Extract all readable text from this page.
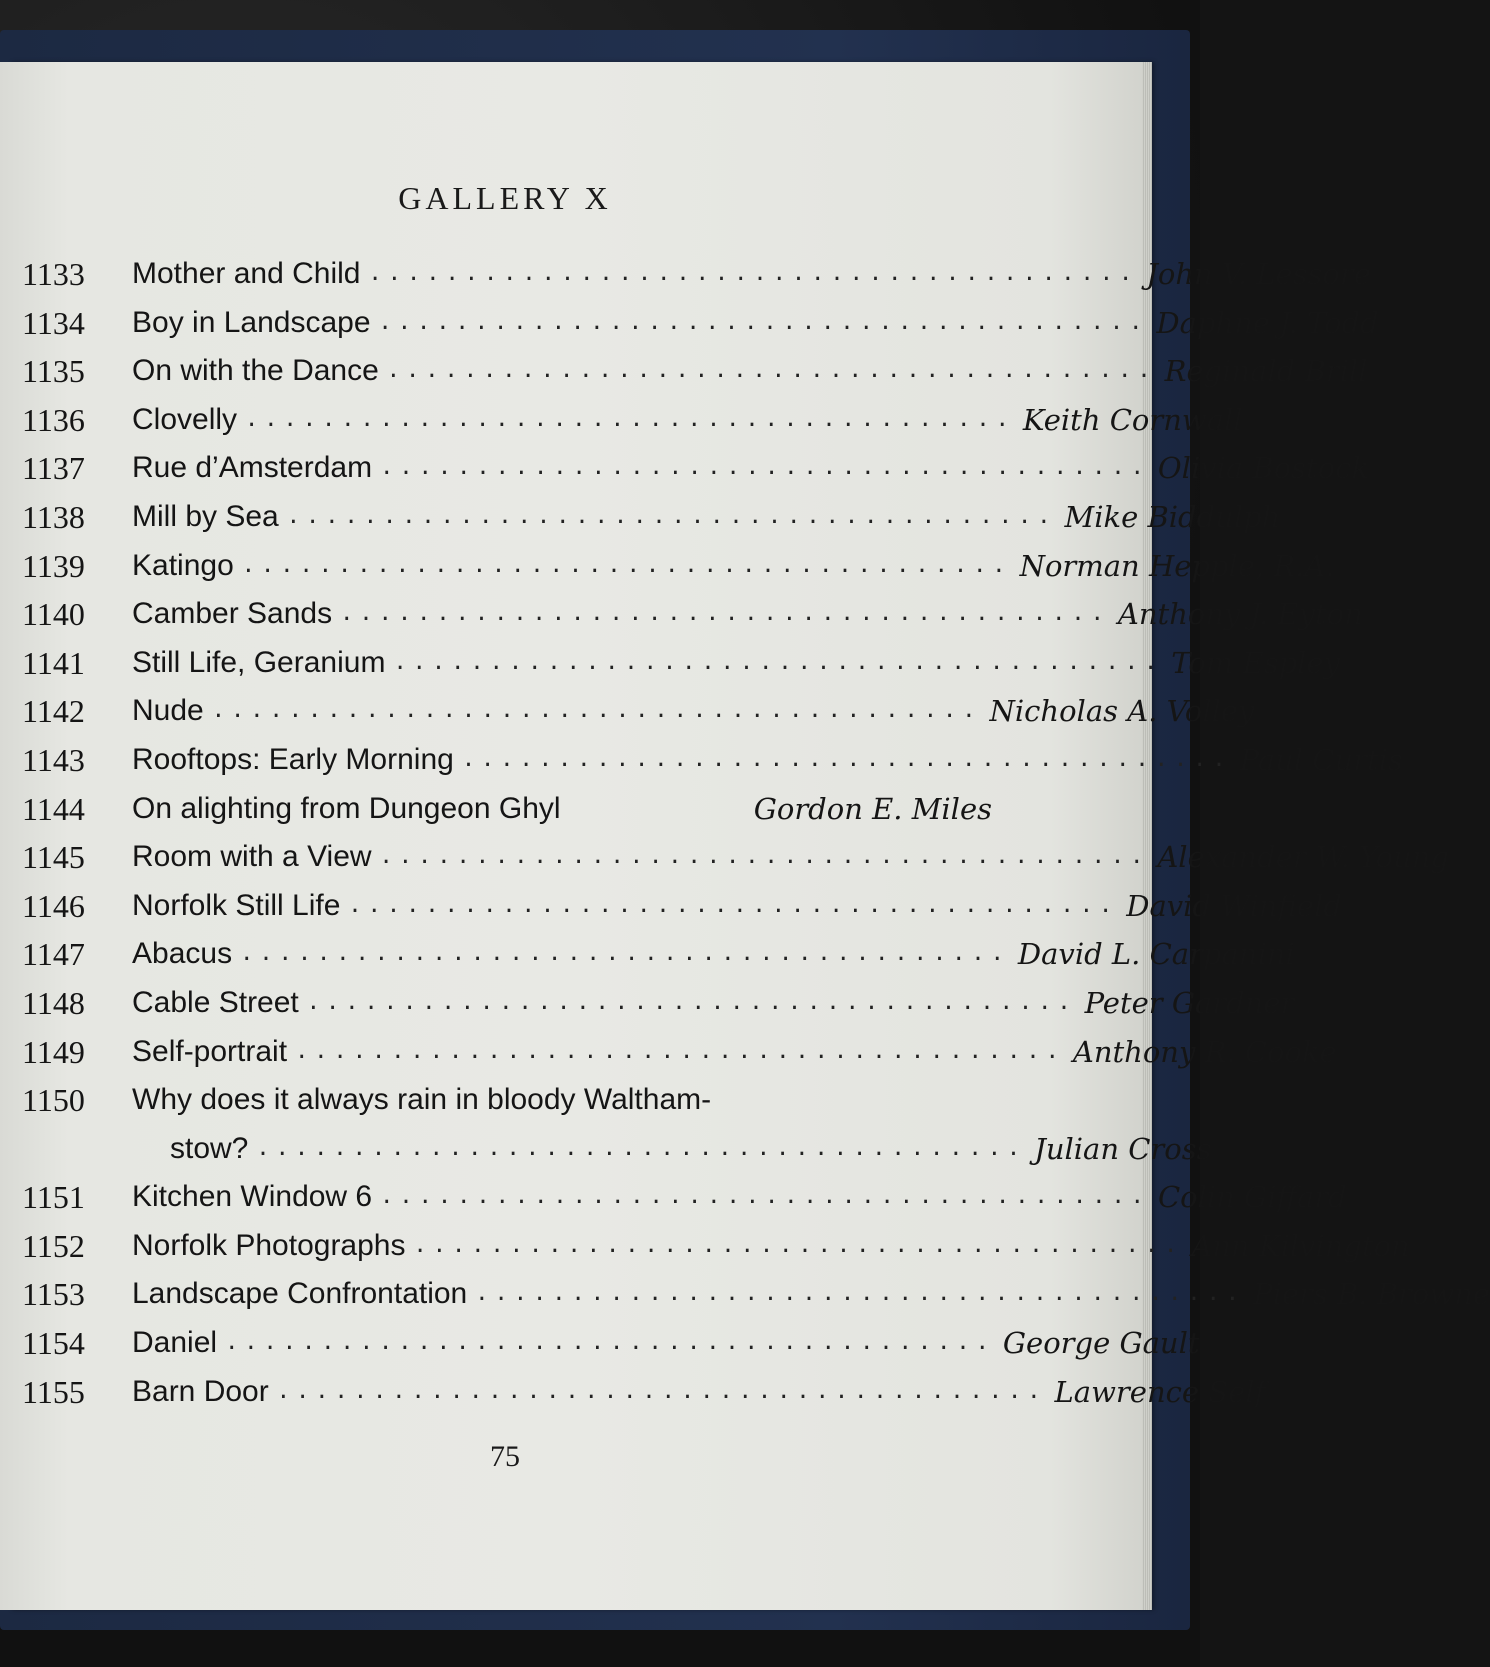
GALLERY X
1133	Mother and Child ........................................ John V. Lessore
1134	Boy in Landscape ........................................ Daphne J. Todd
1135	On with the Dance ........................................ Reginald Brill
1136	Clovelly ........................................ Keith Cornwall
1137	Rue d’Amsterdam ........................................ Olivia Bostock
1138	Mill by Sea ........................................ Mike Biddulph
1139	Katingo ........................................ Norman Hepple, R.A.
1140	Camber Sands ........................................ Anthony J. Eyton
1141	Still Life, Geranium ........................................ Tom Espley
1142	Nude ........................................ Nicholas A. Volley
1143	Rooftops: Early Morning ........................................ Paul Curtis
1144	On alighting from Dungeon Ghyl	Gordon E. Miles
1145	Room with a View ........................................ Alexander W. Young
1146	Norfolk Still Life ........................................ David Winfield
1147	Abacus ........................................ David L. Carpanini
1148	Cable Street ........................................ Peter Gardner
1149	Self-portrait ........................................ Anthony R. Cooke
1150	Why does it always rain in bloody Waltham-
stow? ........................................ Julian Cross
1151	Kitchen Window 6 ........................................ Colin Giffard
1152	Norfolk Photographs ........................................ Ann Kilvington
1153	Landscape Confrontation ........................................ Piers B. Browne
1154	Daniel ........................................ George Gault
1155	Barn Door ........................................ Lawrence Self
75
